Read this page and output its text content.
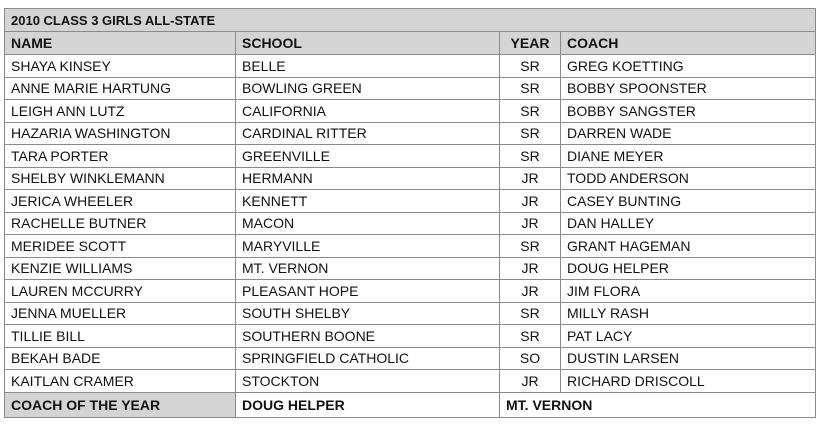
2010 CLASS 3 GIRLS ALL-STATE			
NAME	SCHOOL	YEAR	COACH
SHAYA KINSEY	BELLE	SR	GREG KOETTING
ANNE MARIE HARTUNG	BOWLING GREEN	SR	BOBBY SPOONSTER
LEIGH ANN LUTZ	CALIFORNIA	SR	BOBBY SANGSTER
HAZARIA WASHINGTON	CARDINAL RITTER	SR	DARREN WADE
TARA PORTER	GREENVILLE	SR	DIANE MEYER
SHELBY WINKLEMANN	HERMANN	JR	TODD ANDERSON
JERICA WHEELER	KENNETT	JR	CASEY BUNTING
RACHELLE BUTNER	MACON	JR	DAN HALLEY
MERIDEE SCOTT	MARYVILLE	SR	GRANT HAGEMAN
KENZIE WILLIAMS	MT. VERNON	JR	DOUG HELPER
LAUREN MCCURRY	PLEASANT HOPE	JR	JIM FLORA
JENNA MUELLER	SOUTH SHELBY	SR	MILLY RASH
TILLIE BILL	SOUTHERN BOONE	SR	PAT LACY
BEKAH BADE	SPRINGFIELD CATHOLIC	SO	DUSTIN LARSEN
KAITLAN CRAMER	STOCKTON	JR	RICHARD DRISCOLL
COACH OF THE YEAR	DOUG HELPER	MT. VERNON	
